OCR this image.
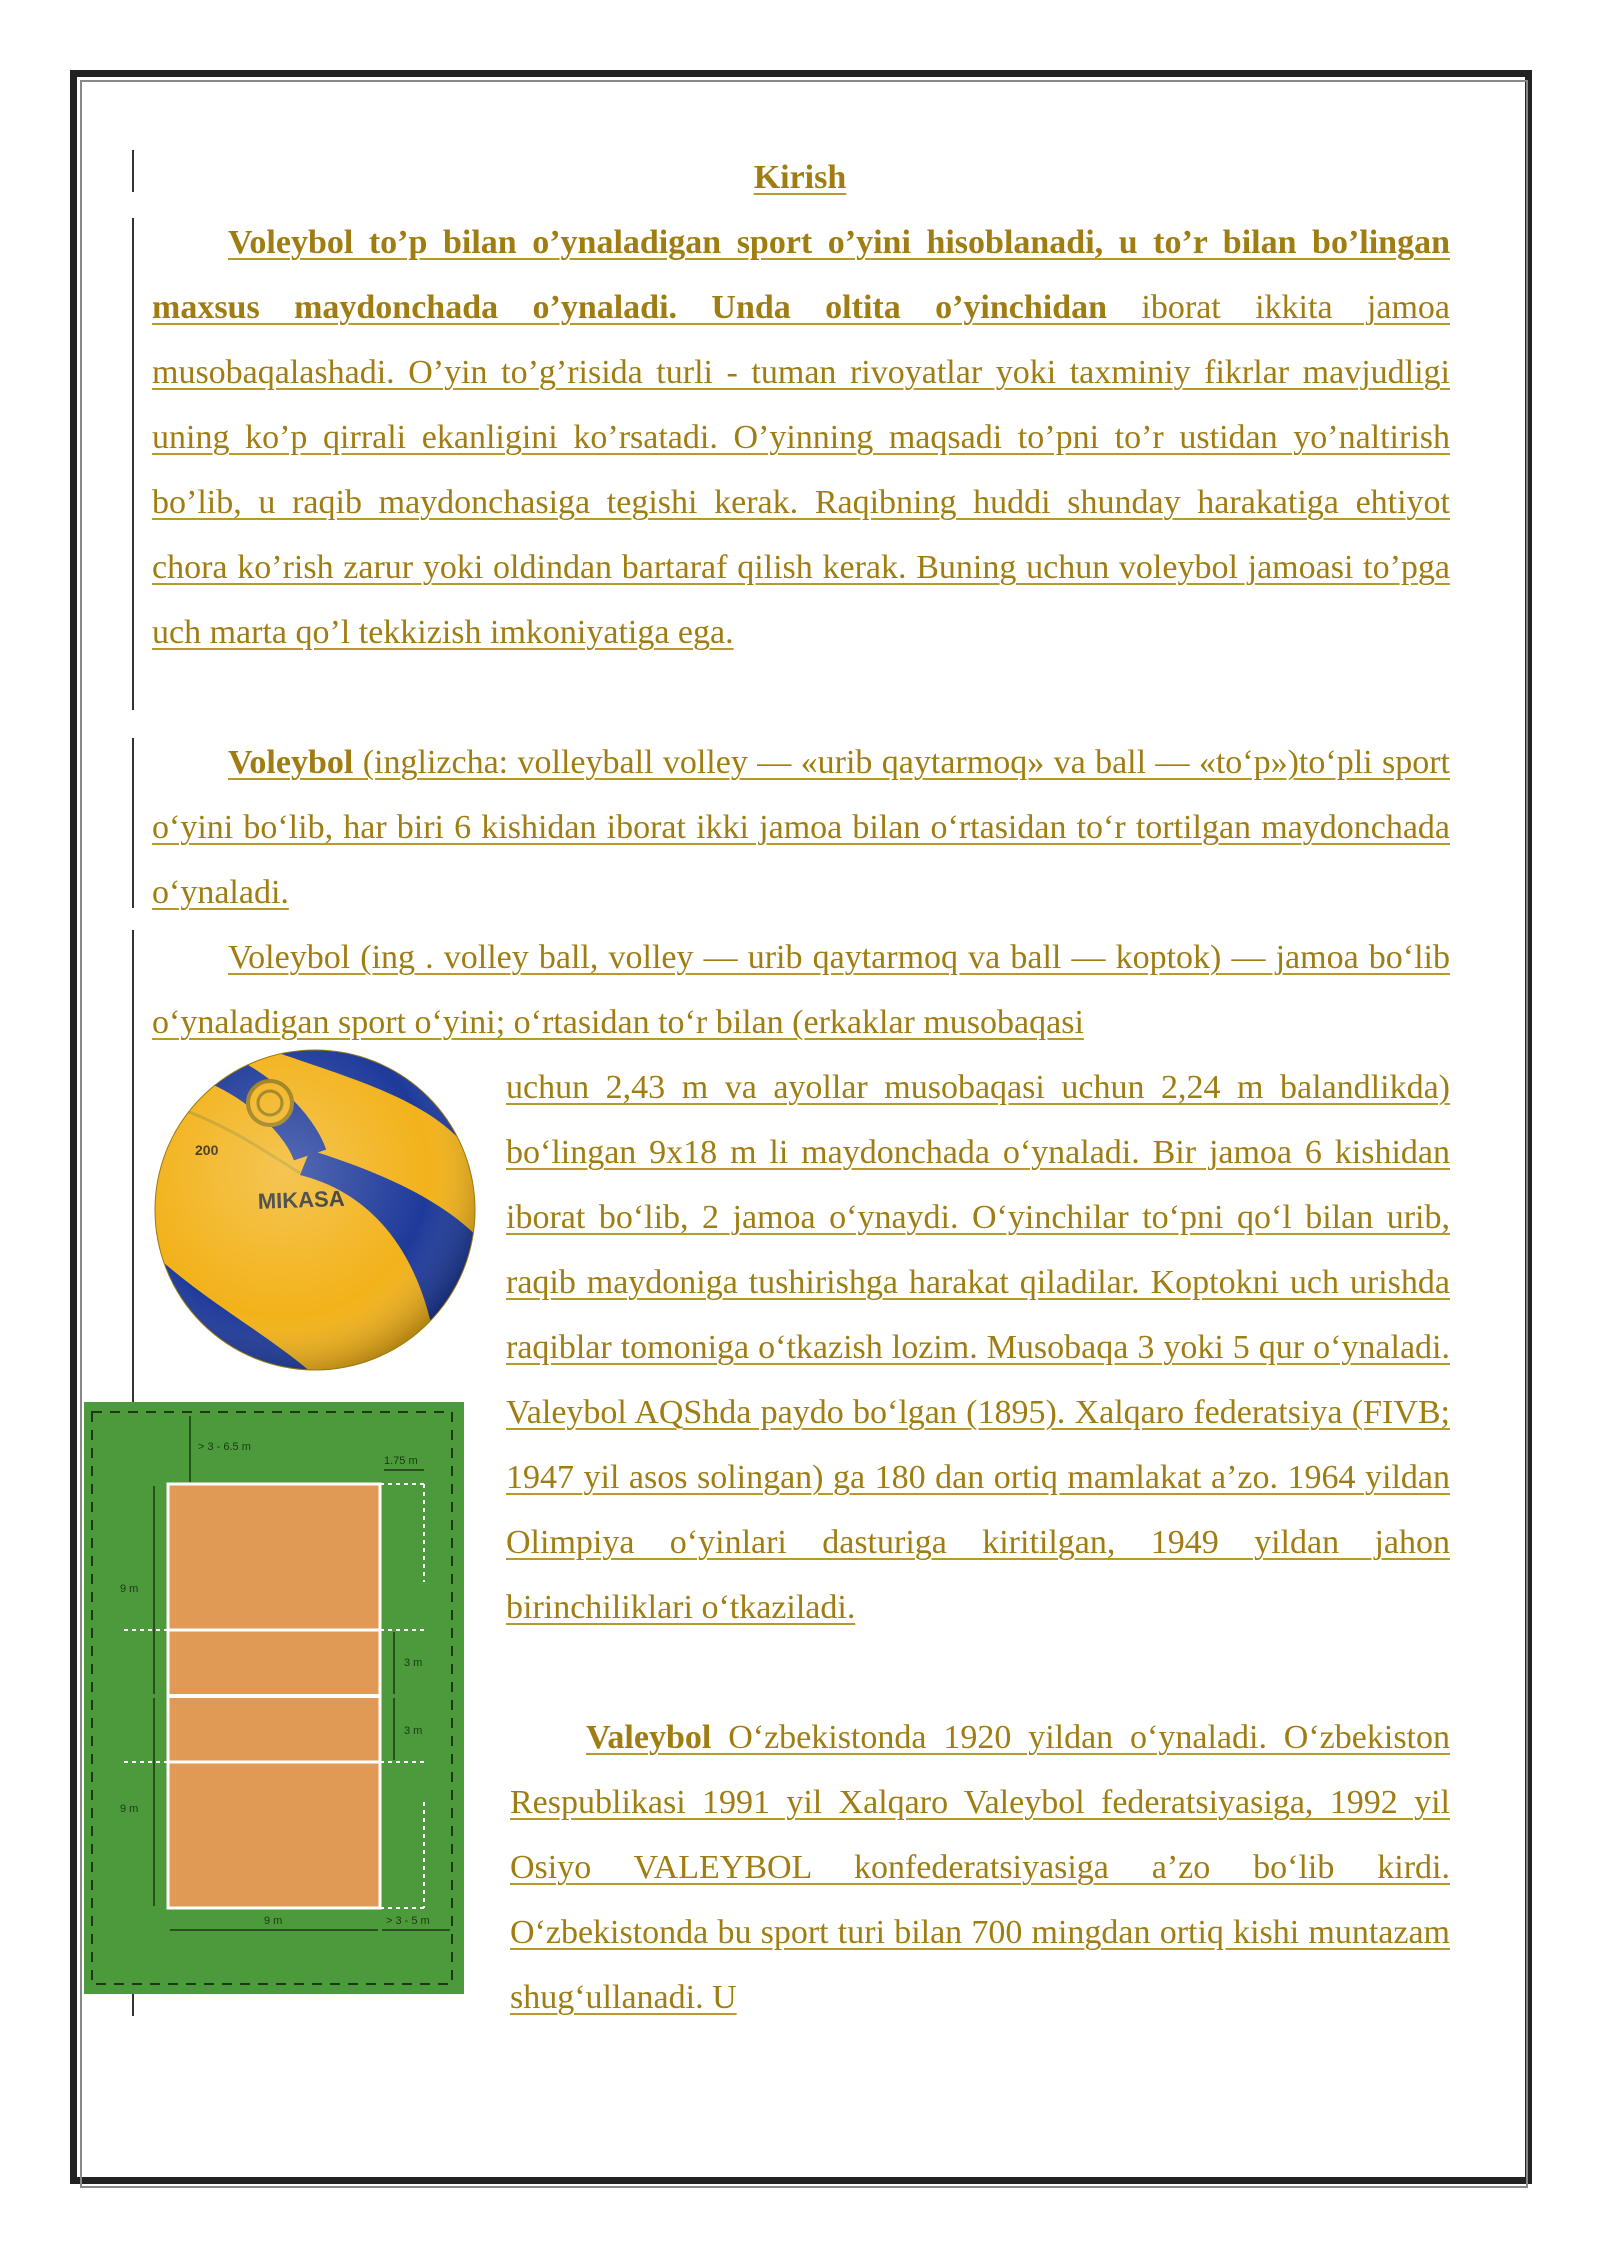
Kirish

Voleybol to’p bilan o’ynaladigan sport o’yini hisoblanadi, u to’r bilan bo’lingan maxsus maydonchada o’ynaladi. Unda oltita o’yinchidan iborat ikkita jamoa musobaqalashadi. O’yin to’g’risida turli - tuman rivoyatlar yoki taxminiy fikrlar mavjudligi uning ko’p qirrali ekanligini ko’rsatadi. O’yinning maqsadi to’pni to’r ustidan yo’naltirish bo’lib, u raqib maydonchasiga tegishi kerak. Raqibning huddi shunday harakatiga ehtiyot chora ko’rish zarur yoki oldindan bartaraf qilish kerak. Buning uchun voleybol jamoasi to’pga uch marta qo’l tekkizish imkoniyatiga ega.

Voleybol (inglizcha: volleyball volley — «urib qaytarmoq» va ball — «to‘p»)to‘pli sport o‘yini bo‘lib, har biri 6 kishidan iborat ikki jamoa bilan o‘rtasidan to‘r tortilgan maydonchada o‘ynaladi.

Voleybol (ing . volley ball, volley — urib qaytarmoq va ball — koptok) — jamoa bo‘lib o‘ynaladigan sport o‘yini; o‘rtasidan to‘r bilan (erkaklar musobaqasi

uchun 2,43 m va ayollar musobaqasi uchun 2,24 m balandlikda) bo‘lingan 9x18 m li maydonchada o‘ynaladi. Bir jamoa 6 kishidan iborat bo‘lib, 2 jamoa o‘ynaydi. O‘yinchilar to‘pni qo‘l bilan urib, raqib maydoniga tushirishga harakat qiladilar. Koptokni uch urishda raqiblar tomoniga o‘tkazish lozim. Musobaqa 3 yoki 5 qur o‘ynaladi. Valeybol AQShda paydo bo‘lgan (1895). Xalqaro federatsiya (FIVB; 1947 yil asos solingan) ga 180 dan ortiq mamlakat a’zo. 1964 yildan Olimpiya o‘yinlari dasturiga kiritilgan, 1949 yildan jahon birinchiliklari o‘tkaziladi.

Valeybol O‘zbekistonda 1920 yildan o‘ynaladi. O‘zbekiston Respublikasi 1991 yil Xalqaro Valeybol federatsiyasiga, 1992 yil Osiyo VALEYBOL konfederatsiyasiga a’zo bo‘lib kirdi. O‘zbekistonda bu sport turi bilan 700 mingdan ortiq kishi muntazam shug‘ullanadi. U

> 3 - 6.5 m
1.75 m
9 m
9 m
3 m
3 m
9 m	> 3 - 5 m
